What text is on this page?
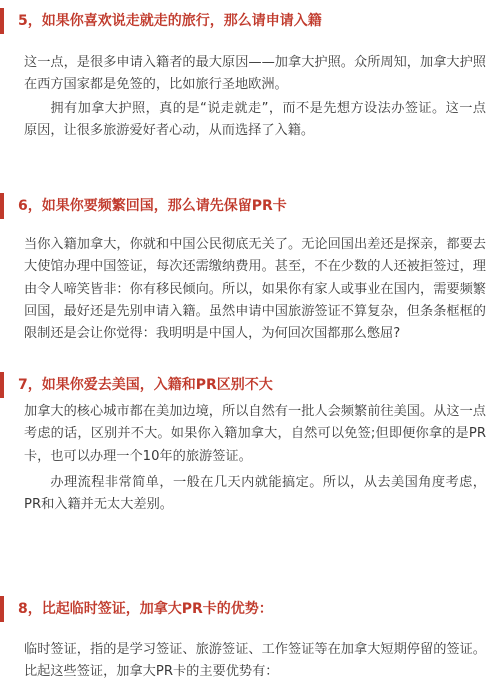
5，如果你喜欢说走就走的旅行，那么请申请入籍

这一点，是很多申请入籍者的最大原因——加拿大护照。众所周知，加拿大护照在西方国家都是免签的，比如旅行圣地欧洲。

拥有加拿大护照，真的是“说走就走”，而不是先想方设法办签证。这一点原因，让很多旅游爱好者心动，从而选择了入籍。

6，如果你要频繁回国，那么请先保留PR卡

当你入籍加拿大，你就和中国公民彻底无关了。无论回国出差还是探亲，都要去大使馆办理中国签证，每次还需缴纳费用。甚至，不在少数的人还被拒签过，理由令人啼笑皆非：你有移民倾向。所以，如果你有家人或事业在国内，需要频繁回国，最好还是先别申请入籍。虽然申请中国旅游签证不算复杂，但条条框框的限制还是会让你觉得：我明明是中国人，为何回次国都那么憋屈?

7，如果你爱去美国，入籍和PR区别不大

加拿大的核心城市都在美加边境，所以自然有一批人会频繁前往美国。从这一点考虑的话，区别并不大。如果你入籍加拿大，自然可以免签;但即便你拿的是PR卡，也可以办理一个10年的旅游签证。

办理流程非常简单，一般在几天内就能搞定。所以，从去美国角度考虑，PR和入籍并无太大差别。

8，比起临时签证，加拿大PR卡的优势：

临时签证，指的是学习签证、旅游签证、工作签证等在加拿大短期停留的签证。比起这些签证，加拿大PR卡的主要优势有：
